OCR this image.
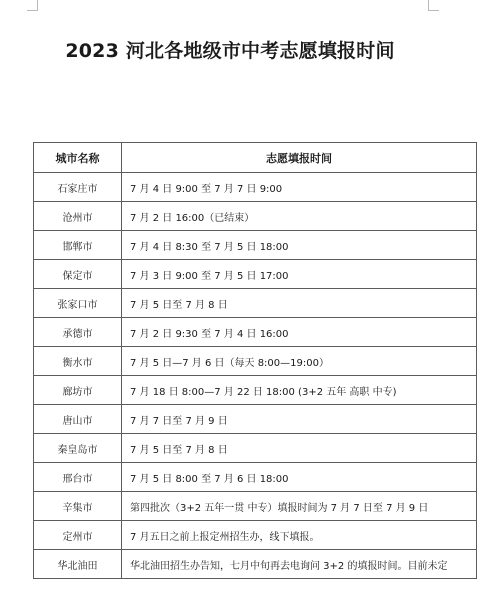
2023 河北各地级市中考志愿填报时间
城市名称	志愿填报时间
石家庄市	7 月 4 日 9:00 至 7 月 7 日 9:00
沧州市	7 月 2 日 16:00（已结束）
邯郸市	7 月 4 日 8:30 至 7 月 5 日 18:00
保定市	7 月 3 日 9:00 至 7 月 5 日 17:00
张家口市	7 月 5 日至 7 月 8 日
承德市	7 月 2 日 9:30 至 7 月 4 日 16:00
衡水市	7 月 5 日—7 月 6 日（每天 8:00—19:00）
廊坊市	7 月 18 日 8:00—7 月 22 日 18:00 (3+2 五年 高职 中专)
唐山市	7 月 7 日至 7 月 9 日
秦皇岛市	7 月 5 日至 7 月 8 日
邢台市	7 月 5 日 8:00 至 7 月 6 日 18:00
辛集市	第四批次（3+2 五年一贯 中专）填报时间为 7 月 7 日至 7 月 9 日
定州市	7 月五日之前上报定州招生办，线下填报。
华北油田	华北油田招生办告知，七月中旬再去电询问 3+2 的填报时间。目前未定
